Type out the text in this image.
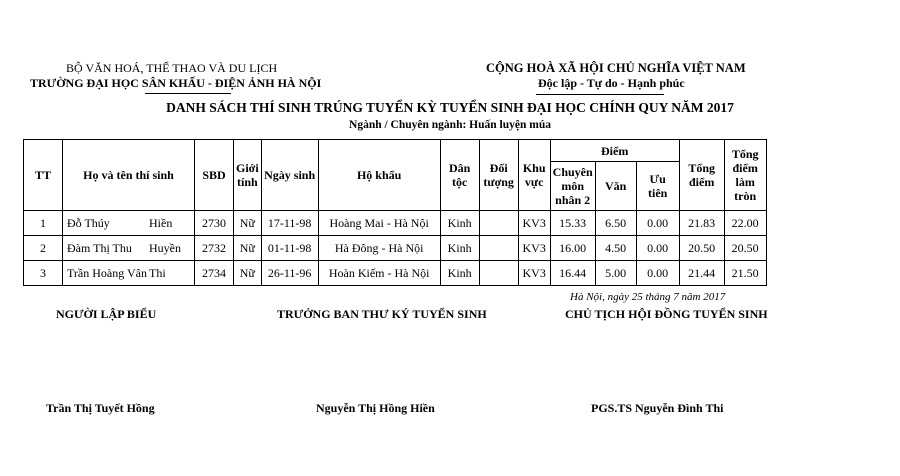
BỘ VĂN HOÁ, THỂ THAO VÀ DU LỊCH
TRƯỜNG ĐẠI HỌC SÂN KHẤU - ĐIỆN ẢNH HÀ NỘI
CỘNG HOÀ XÃ HỘI CHỦ NGHĨA VIỆT NAM
Độc lập - Tự do - Hạnh phúc
DANH SÁCH THÍ SINH TRÚNG TUYỂN KỲ TUYỂN SINH ĐẠI HỌC CHÍNH QUY NĂM 2017
Ngành / Chuyên ngành: Huấn luyện múa
TT	Họ và tên thí sinh	SBD	Giới tính	Ngày sinh	Hộ khẩu	Dân tộc	Đối tượng	Khu vực	Điểm			Tổng điểm	Tổng điểm làm tròn
									Chuyên môn nhân 2	Văn	Ưu tiên		
1	Đỗ Thúy Hiền	2730	Nữ	17-11-98	Hoàng Mai - Hà Nội	Kinh		KV3	15.33	6.50	0.00	21.83	22.00
2	Đàm Thị Thu Huyền	2732	Nữ	01-11-98	Hà Đông - Hà Nội	Kinh		KV3	16.00	4.50	0.00	20.50	20.50
3	Trần Hoàng Vân Thi	2734	Nữ	26-11-96	Hoàn Kiếm - Hà Nội	Kinh		KV3	16.44	5.00	0.00	21.44	21.50
Hà Nội, ngày 25 tháng 7 năm 2017
NGƯỜI LẬP BIỂU	TRƯỞNG BAN THƯ KÝ TUYỂN SINH	CHỦ TỊCH HỘI ĐỒNG TUYỂN SINH
Trần Thị Tuyết Hồng	Nguyễn Thị Hồng Hiền	PGS.TS Nguyễn Đình Thi
